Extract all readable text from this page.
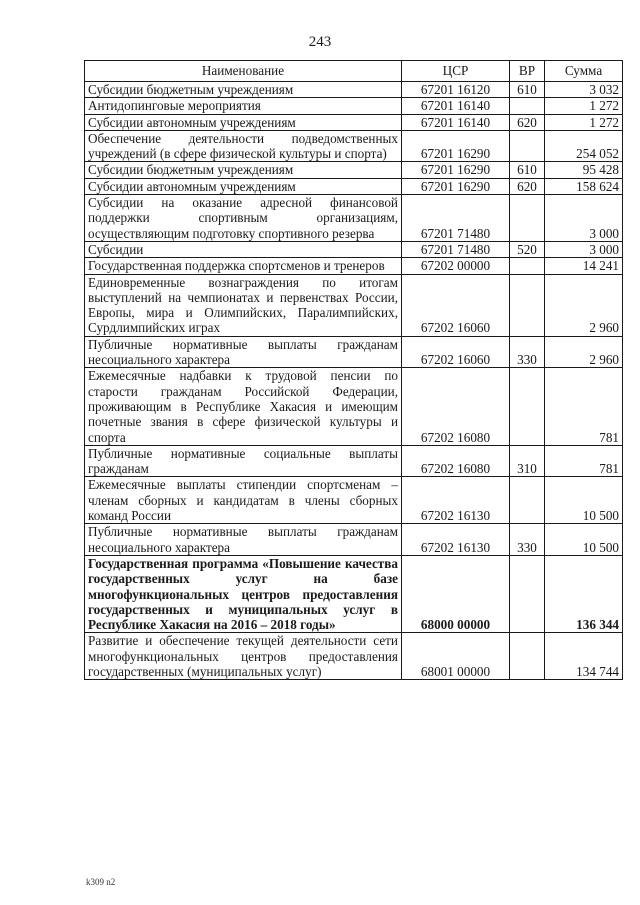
243
Наименование	ЦСР	ВР	Сумма
Субсидии бюджетным учреждениям	67201 16120	610	3 032
Антидопинговые мероприятия	67201 16140		1 272
Субсидии автономным учреждениям	67201 16140	620	1 272
Обеспечение деятельности подведомственных учреждений (в сфере физической культуры и спорта)	67201 16290		254 052
Субсидии бюджетным учреждениям	67201 16290	610	95 428
Субсидии автономным учреждениям	67201 16290	620	158 624
Субсидии на оказание адресной финансовой поддержки спортивным организациям, осуществляющим подготовку спортивного резерва	67201 71480		3 000
Субсидии	67201 71480	520	3 000
Государственная поддержка спортсменов и тренеров	67202 00000		14 241
Единовременные вознаграждения по итогам выступлений на чемпионатах и первенствах России, Европы, мира и Олимпийских, Паралимпийских, Сурдлимпийских играх	67202 16060		2 960
Публичные нормативные выплаты гражданам несоциального характера	67202 16060	330	2 960
Ежемесячные надбавки к трудовой пенсии по старости гражданам Российской Федерации, проживающим в Республике Хакасия и имеющим почетные звания в сфере физической культуры и спорта	67202 16080		781
Публичные нормативные социальные выплаты гражданам	67202 16080	310	781
Ежемесячные выплаты стипендии спортсменам – членам сборных и кандидатам в члены сборных команд России	67202 16130		10 500
Публичные нормативные выплаты гражданам несоциального характера	67202 16130	330	10 500
Государственная программа «Повышение качества государственных услуг на базе многофункциональных центров предоставления государственных и муниципальных услуг в Республике Хакасия на 2016 – 2018 годы»	68000 00000		136 344
Развитие и обеспечение текущей деятельности сети многофункциональных центров предоставления государственных (муниципальных услуг)	68001 00000		134 744
k309 n2
